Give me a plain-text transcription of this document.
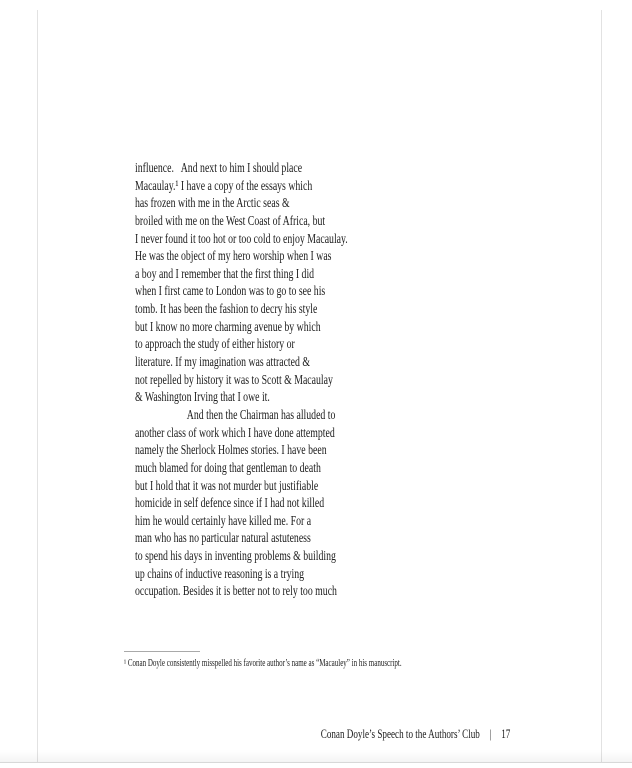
influence.   And next to him I should place
Macaulay.¹ I have a copy of the essays which
has frozen with me in the Arctic seas &
broiled with me on the West Coast of Africa, but
I never found it too hot or too cold to enjoy Macaulay.
He was the object of my hero worship when I was
a boy and I remember that the first thing I did
when I first came to London was to go to see his
tomb. It has been the fashion to decry his style
but I know no more charming avenue by which
to approach the study of either history or
literature. If my imagination was attracted &
not repelled by history it was to Scott & Macaulay
& Washington Irving that I owe it.
And then the Chairman has alluded to
another class of work which I have done attempted
namely the Sherlock Holmes stories. I have been
much blamed for doing that gentleman to death
but I hold that it was not murder but justifiable
homicide in self defence since if I had not killed
him he would certainly have killed me. For a
man who has no particular natural astuteness
to spend his days in inventing problems & building
up chains of inductive reasoning is a trying
occupation. Besides it is better not to rely too much
¹ Conan Doyle consistently misspelled his favorite author’s name as “Macauley” in his manuscript.

Conan Doyle’s Speech to the Authors’ Club | 17
